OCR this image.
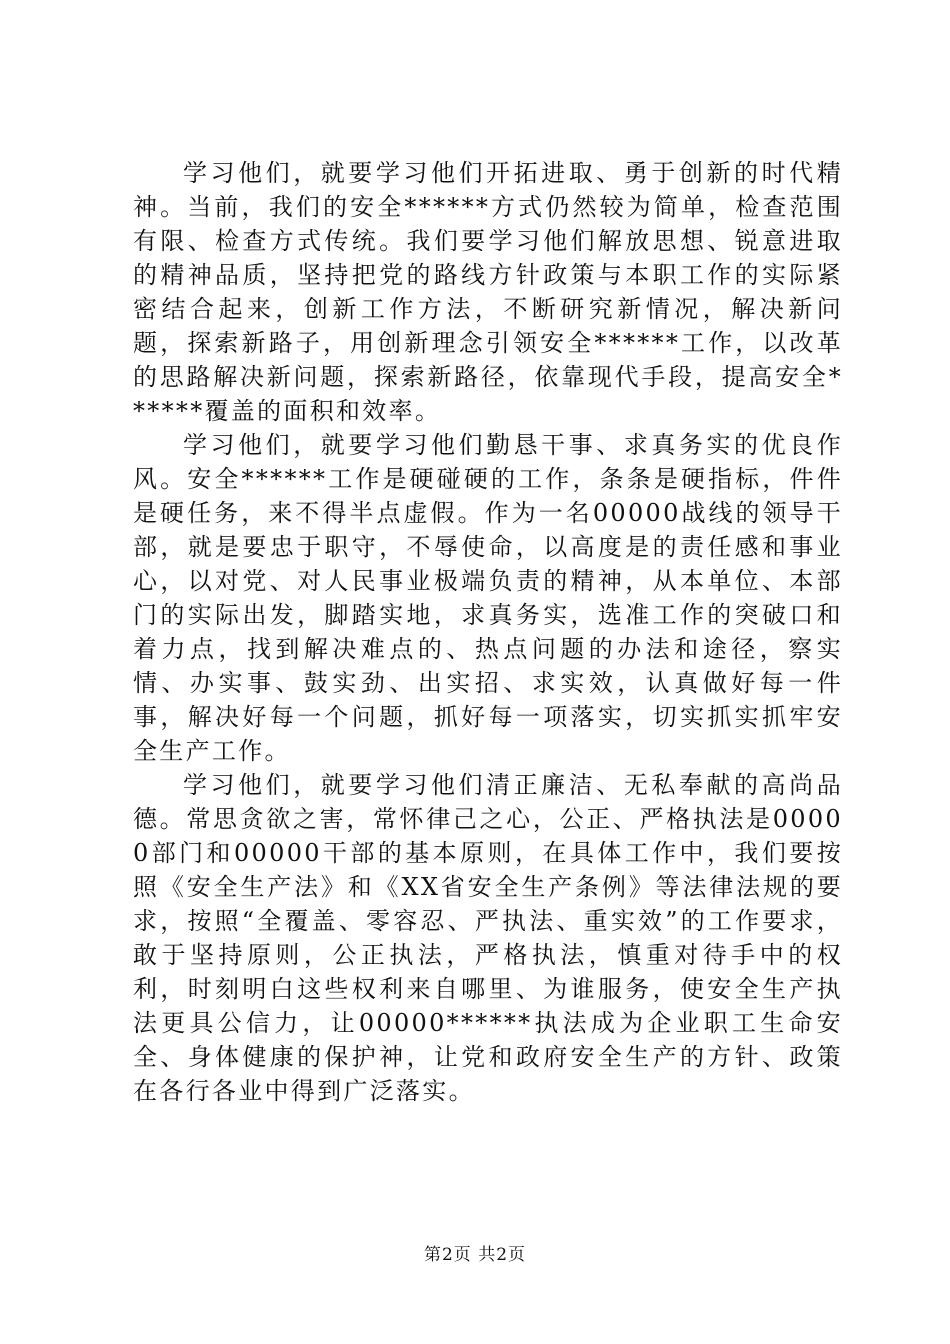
学习他们，就要学习他们开拓进取、勇于创新的时代精神。当前，我们的安全******方式仍然较为简单，检查范围有限、检查方式传统。我们要学习他们解放思想、锐意进取的精神品质，坚持把党的路线方针政策与本职工作的实际紧密结合起来，创新工作方法，不断研究新情况，解决新问题，探索新路子，用创新理念引领安全******工作，以改革的思路解决新问题，探索新路径，依靠现代手段，提高安全******覆盖的面积和效率。

学习他们，就要学习他们勤恳干事、求真务实的优良作风。安全******工作是硬碰硬的工作，条条是硬指标，件件是硬任务，来不得半点虚假。作为一名00000战线的领导干部，就是要忠于职守，不辱使命，以高度是的责任感和事业心，以对党、对人民事业极端负责的精神，从本单位、本部门的实际出发，脚踏实地，求真务实，选准工作的突破口和着力点，找到解决难点的、热点问题的办法和途径，察实情、办实事、鼓实劲、出实招、求实效，认真做好每一件事，解决好每一个问题，抓好每一项落实，切实抓实抓牢安全生产工作。

学习他们，就要学习他们清正廉洁、无私奉献的高尚品德。常思贪欲之害，常怀律己之心，公正、严格执法是00000部门和00000干部的基本原则，在具体工作中，我们要按照《安全生产法》和《XX省安全生产条例》等法律法规的要求，按照“全覆盖、零容忍、严执法、重实效”的工作要求，敢于坚持原则，公正执法，严格执法，慎重对待手中的权利，时刻明白这些权利来自哪里、为谁服务，使安全生产执法更具公信力，让00000******执法成为企业职工生命安全、身体健康的保护神，让党和政府安全生产的方针、政策在各行各业中得到广泛落实。

第2页 共2页
